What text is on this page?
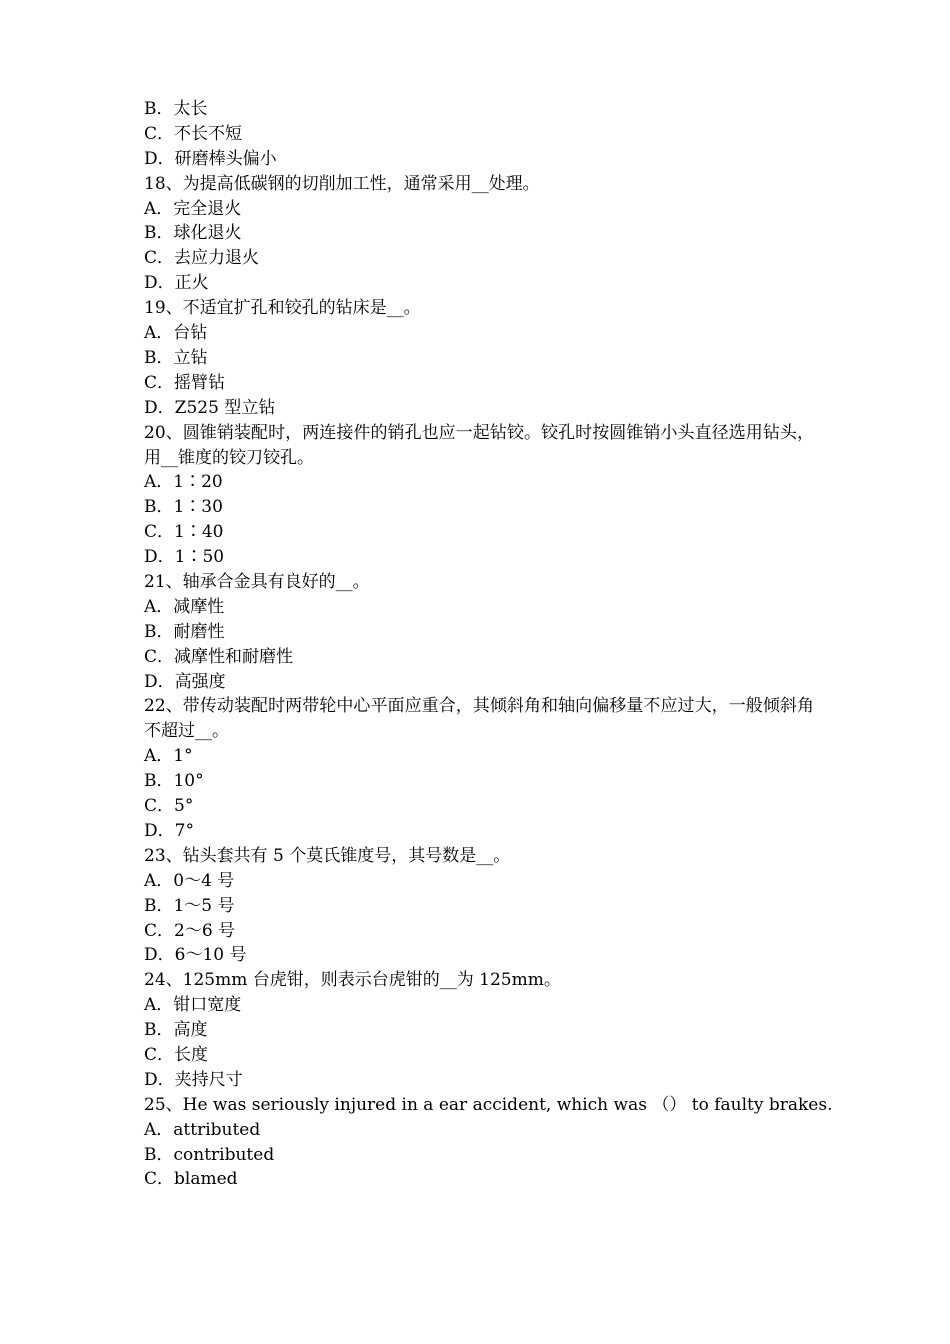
B．太长
C．不长不短
D．研磨棒头偏小
18、为提高低碳钢的切削加工性，通常采用__处理。
A．完全退火
B．球化退火
C．去应力退火
D．正火
19、不适宜扩孔和铰孔的钻床是__。
A．台钻
B．立钻
C．摇臂钻
D．Z525 型立钻
20、圆锥销装配时，两连接件的销孔也应一起钻铰。铰孔时按圆锥销小头直径选用钻头，用__锥度的铰刀铰孔。
A．1∶20
B．1∶30
C．1∶40
D．1∶50
21、轴承合金具有良好的__。
A．减摩性
B．耐磨性
C．减摩性和耐磨性
D．高强度
22、带传动装配时两带轮中心平面应重合，其倾斜角和轴向偏移量不应过大，一般倾斜角不超过__。
A．1°
B．10°
C．5°
D．7°
23、钻头套共有 5 个莫氏锥度号，其号数是__。
A．0～4 号
B．1～5 号
C．2～6 号
D．6～10 号
24、125mm 台虎钳，则表示台虎钳的__为 125mm。
A．钳口宽度
B．高度
C．长度
D．夹持尺寸
25、He was seriously injured in a ear accident, which was （） to faulty brakes.
A．attributed
B．contributed
C．blamed
